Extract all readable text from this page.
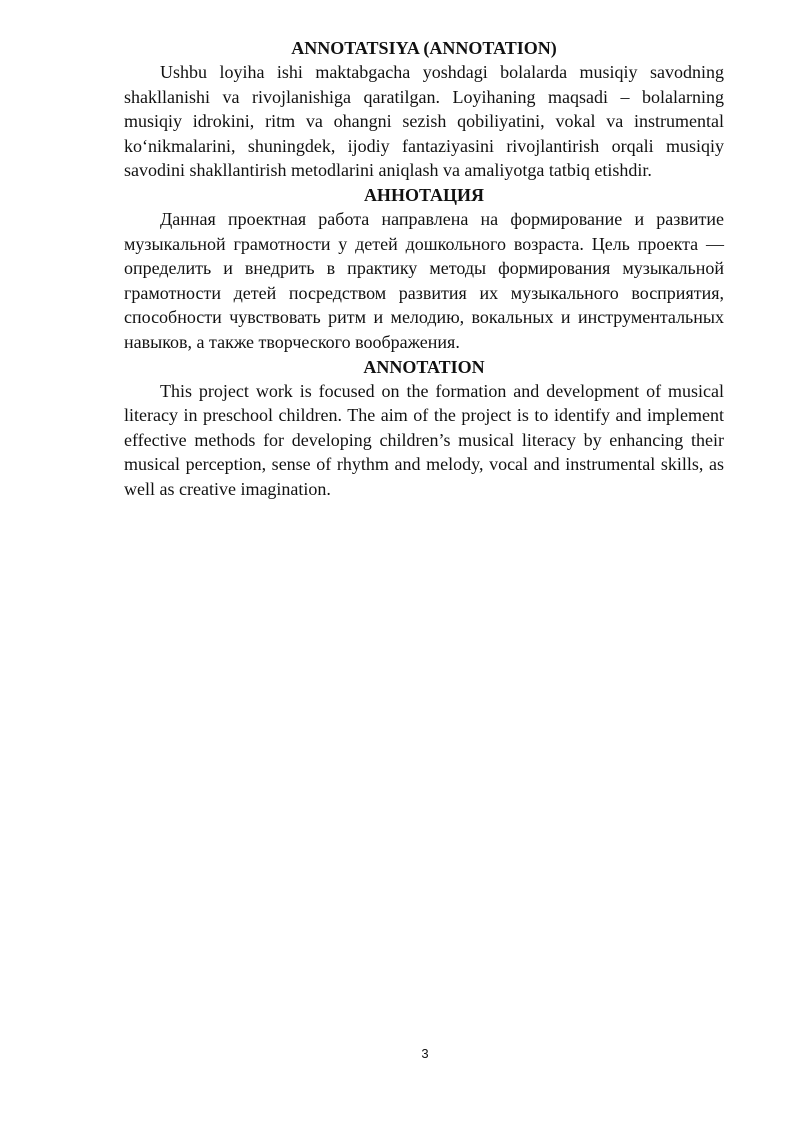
ANNOTATSIYA (ANNOTATION)

Ushbu loyiha ishi maktabgacha yoshdagi bolalarda musiqiy savodning shakllanishi va rivojlanishiga qaratilgan. Loyihaning maqsadi – bolalarning musiqiy idrokini, ritm va ohangni sezish qobiliyatini, vokal va instrumental koʻnikmalarini, shuningdek, ijodiy fantaziyasini rivojlantirish orqali musiqiy savodini shakllantirish metodlarini aniqlash va amaliyotga tatbiq etishdir.

АННОТАЦИЯ

Данная проектная работа направлена на формирование и развитие музыкальной грамотности у детей дошкольного возраста. Цель проекта — определить и внедрить в практику методы формирования музыкальной грамотности детей посредством развития их музыкального восприятия, способности чувствовать ритм и мелодию, вокальных и инструментальных навыков, а также творческого воображения.

ANNOTATION

This project work is focused on the formation and development of musical literacy in preschool children. The aim of the project is to identify and implement effective methods for developing children’s musical literacy by enhancing their musical perception, sense of rhythm and melody, vocal and instrumental skills, as well as creative imagination.

3
